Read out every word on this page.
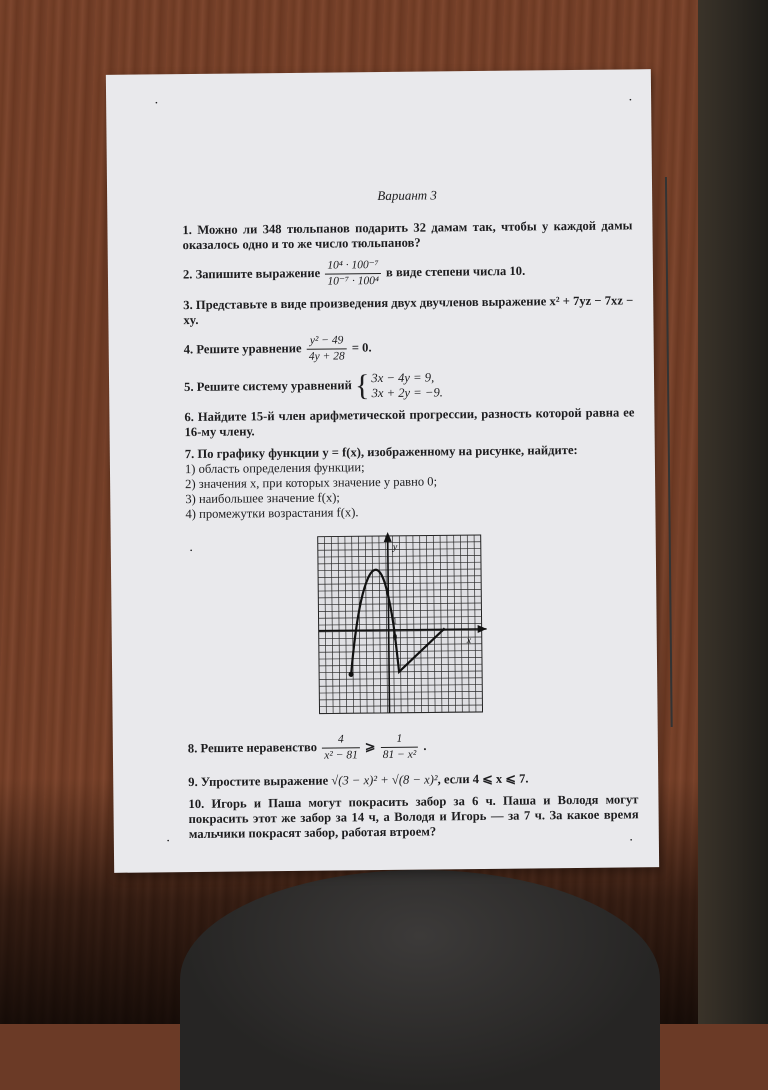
·	·
·
·	·
Вариант 3
1. Можно ли 348 тюльпанов подарить 32 дамам так, чтобы у каждой дамы оказалось одно и то же число тюльпанов?
2. Запишите выражение $\frac{\text{10⁴ · 100⁻⁷}}{\text{10⁻⁷ · 100⁴}}$ в виде степени числа 10.
3. Представьте в виде произведения двух двучленов выражение x² + 7yz − 7xz − xy.
4. Решите уравнение $\frac{\text{y² − 49}}{4y + 28} = 0$.
5. Решите систему уравнений { 3x − 4y = 9,
3x + 2y = −9.
6. Найдите 15-й член арифметической прогрессии, разность которой равна ее 16-му члену.
7. По графику функции y = f(x), изображенному на рисунке, найдите:
1) область определения функции;
2) значения x, при которых значение y равно 0;
3) наибольшее значение f(x);
4) промежутки возрастания f(x).
y
x
0
1
8. Решите неравенство $\frac{4}{\text{x² − 81}}$ ⩾ $\frac{1}{\text{81 − x²}}$ .
9. Упростите выражение √(3 − x)² + √(8 − x)², если 4 ⩽ x ⩽ 7.
10. Игорь и Паша могут покрасить забор за 6 ч. Паша и Володя могут покрасить этот же забор за 14 ч, а Володя и Игорь — за 7 ч. За какое время мальчики покрасят забор, работая втроем?
